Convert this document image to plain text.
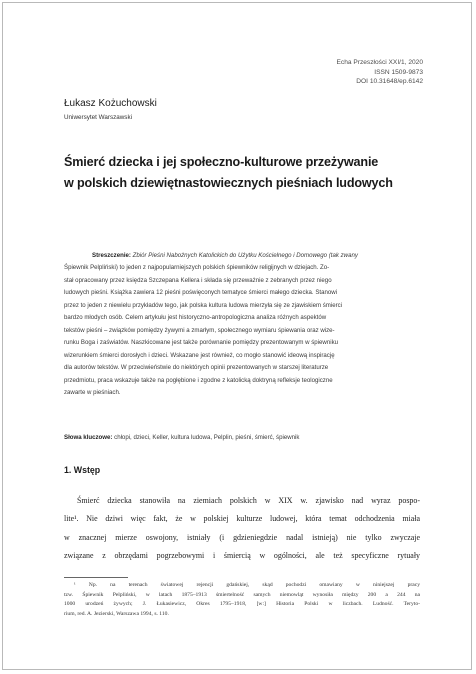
Echa Przeszłości XXI/1, 2020
ISSN 1509-9873
DOI 10.31648/ep.6142
Łukasz Kożuchowski
Uniwersytet Warszawski
Śmierć dziecka i jej społeczno-kulturowe przeżywanie
w polskich dziewiętnastowiecznych pieśniach ludowych

Streszczenie: Zbiór Pieśni Nabożnych Katolickich do Użytku Kościelnego i Domowego (tak zwany

Śpiewnik Pelpliński) to jeden z najpopularniejszych polskich śpiewników religijnych w dziejach. Zo-

stał opracowany przez księdza Szczepana Kellera i składa się przeważnie z zebranych przez niego

ludowych pieśni. Książka zawiera 12 pieśni poświęconych tematyce śmierci małego dziecka. Stanowi

przez to jeden z niewielu przykładów tego, jak polska kultura ludowa mierzyła się ze zjawiskiem śmierci

bardzo młodych osób. Celem artykułu jest historyczno-antropologiczna analiza różnych aspektów

tekstów pieśni – związków pomiędzy żywymi a zmarłym, społecznego wymiaru śpiewania oraz wize-

runku Boga i zaświatów. Naszkicowane jest także porównanie pomiędzy prezentowanym w śpiewniku

wizerunkiem śmierci dorosłych i dzieci. Wskazane jest również, co mogło stanowić ideową inspirację

dla autorów tekstów. W przeciwieństwie do niektórych opinii prezentowanych w starszej literaturze

przedmiotu, praca wskazuje także na pogłębione i zgodne z katolicką doktryną refleksje teologiczne

zawarte w pieśniach.

Słowa kluczowe: chłopi, dzieci, Keller, kultura ludowa, Pelplin, pieśni, śmierć, śpiewnik
1. Wstęp
Śmierć dziecka stanowiła na ziemiach polskich w XIX w. zjawisko nad wyraz pospo-
lite¹. Nie dziwi więc fakt, że w polskiej kulturze ludowej, która temat odchodzenia miała
w znacznej mierze oswojony, istniały (i gdzieniegdzie nadal istnieją) nie tylko zwyczaje
związane z obrzędami pogrzebowymi i śmiercią w ogólności, ale też specyficzne rytuały
¹ Np. na terenach światowej rejencji gdańskiej, skąd pochodzi omawiany w niniejszej pracy
tzw. Śpiewnik Pelpliński, w latach 1875–1913 śmiertelność samych niemowląt wynosiła między 200 a 244 na
1000 urodzeń żywych; J. Łukasiewicz, Okres 1795–1918, [w:] Historia Polski w liczbach. Ludność. Teryto-
rium, red. A. Jezierski, Warszawa 1994, s. 110.
